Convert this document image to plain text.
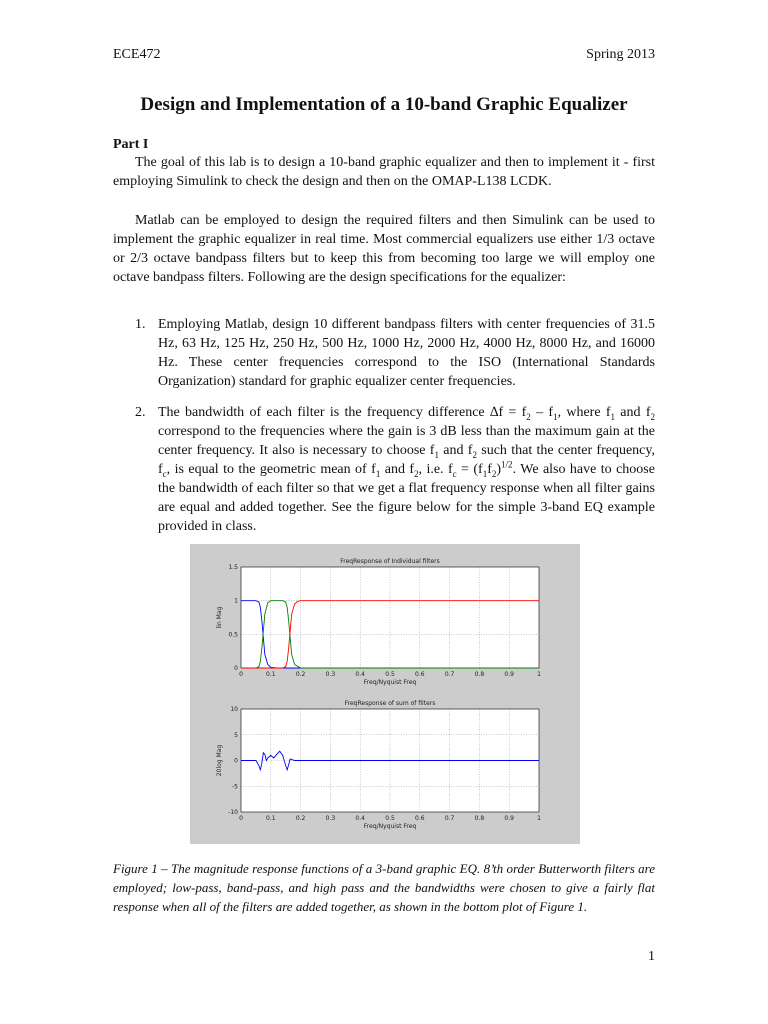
ECE472	Spring 2013
Design and Implementation of a 10-band Graphic Equalizer
Part I
The goal of this lab is to design a 10-band graphic equalizer and then to implement it - first employing Simulink to check the design and then on the OMAP-L138 LCDK.
Matlab can be employed to design the required filters and then Simulink can be used to implement the graphic equalizer in real time. Most commercial equalizers use either 1/3 octave or 2/3 octave bandpass filters but to keep this from becoming too large we will employ one octave bandpass filters. Following are the design specifications for the equalizer:
1. Employing Matlab, design 10 different bandpass filters with center frequencies of 31.5 Hz, 63 Hz, 125 Hz, 250 Hz, 500 Hz, 1000 Hz, 2000 Hz, 4000 Hz, 8000 Hz, and 16000 Hz. These center frequencies correspond to the ISO (International Standards Organization) standard for graphic equalizer center frequencies.
2. The bandwidth of each filter is the frequency difference $\Delta f = f_2 - f_1$, where $f_1$ and $f_2$ correspond to the frequencies where the gain is 3 dB less than the maximum gain at the center frequency. It also is necessary to choose $f_1$ and $f_2$ such that the center frequency, $f_c$, is equal to the geometric mean of $f_1$ and $f_2$, i.e. $f_c = (f_1f_2)^{1/2}$. We also have to choose the bandwidth of each filter so that we get a flat frequency response when all filter gains are equal and added together. See the figure below for the simple 3-band EQ example provided in class.
0	0.1	0.2	0.3	0.4	0.5	0.6	0.7	0.8	0.9	1
0
0.5
1
1.5
FreqResponse of Individual filters
Freq/Nyquist Freq
lin Mag
0	0.1	0.2	0.3	0.4	0.5	0.6	0.7	0.8	0.9	1
-10
-5
0
5
10
FreqResponse of sum of filters
Freq/Nyquist Freq
20log Mag
Figure 1 – The magnitude response functions of a 3-band graphic EQ. 8’th order Butterworth filters are employed; low-pass, band-pass, and high pass and the bandwidths were chosen to give a fairly flat response when all of the filters are added together, as shown in the bottom plot of Figure 1.
1
